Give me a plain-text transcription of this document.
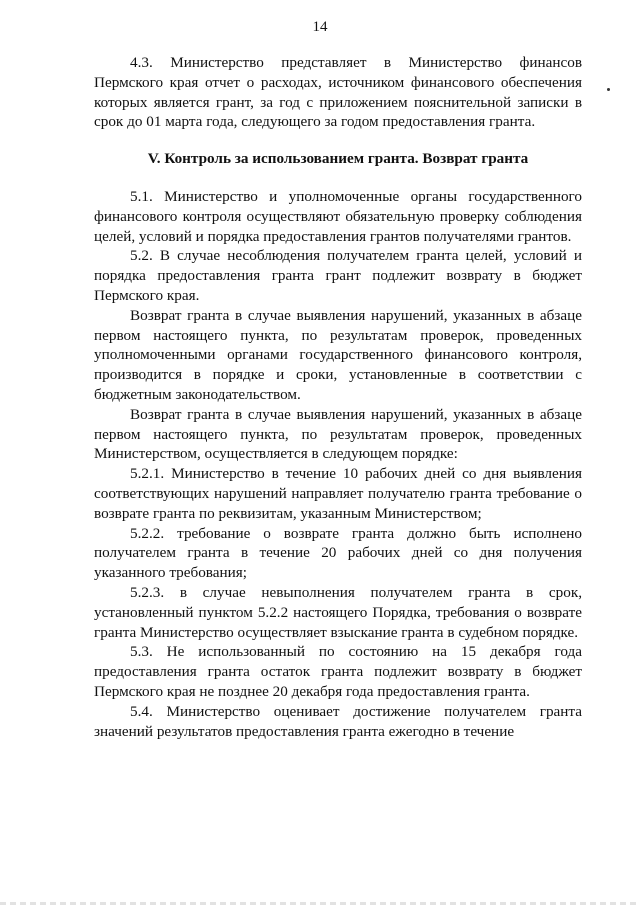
14

4.3. Министерство представляет в Министерство финансов Пермского края отчет о расходах, источником финансового обеспечения которых является грант, за год с приложением пояснительной записки в срок до 01 марта года, следующего за годом предоставления гранта.

V. Контроль за использованием гранта. Возврат гранта

5.1. Министерство и уполномоченные органы государственного финансового контроля осуществляют обязательную проверку соблюдения целей, условий и порядка предоставления грантов получателями грантов.

5.2. В случае несоблюдения получателем гранта целей, условий и порядка предоставления гранта грант подлежит возврату в бюджет Пермского края.

Возврат гранта в случае выявления нарушений, указанных в абзаце первом настоящего пункта, по результатам проверок, проведенных уполномоченными органами государственного финансового контроля, производится в порядке и сроки, установленные в соответствии с бюджетным законодательством.

Возврат гранта в случае выявления нарушений, указанных в абзаце первом настоящего пункта, по результатам проверок, проведенных Министерством, осуществляется в следующем порядке:

5.2.1. Министерство в течение 10 рабочих дней со дня выявления соответствующих нарушений направляет получателю гранта требование о возврате гранта по реквизитам, указанным Министерством;

5.2.2. требование о возврате гранта должно быть исполнено получателем гранта в течение 20 рабочих дней со дня получения указанного требования;

5.2.3. в случае невыполнения получателем гранта в срок, установленный пунктом 5.2.2 настоящего Порядка, требования о возврате гранта Министерство осуществляет взыскание гранта в судебном порядке.

5.3. Не использованный по состоянию на 15 декабря года предоставления гранта остаток гранта подлежит возврату в бюджет Пермского края не позднее 20 декабря года предоставления гранта.

5.4. Министерство оценивает достижение получателем гранта значений результатов предоставления гранта ежегодно в течение
